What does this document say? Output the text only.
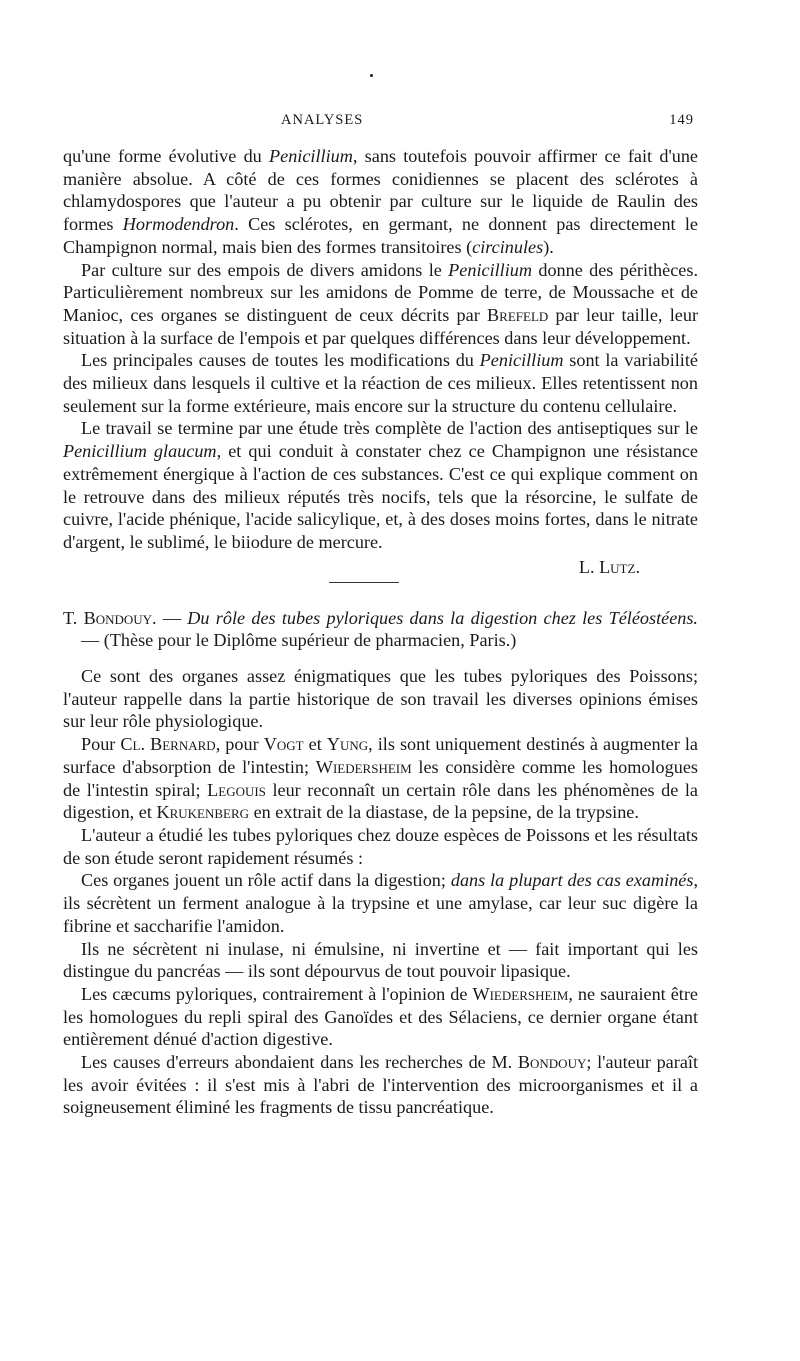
ANALYSES	149

qu'une forme évolutive du Penicillium, sans toutefois pouvoir affirmer ce fait d'une manière absolue. A côté de ces formes conidiennes se placent des sclérotes à chlamydospores que l'auteur a pu obtenir par culture sur le liquide de Raulin des formes Hormodendron. Ces sclérotes, en germant, ne donnent pas directement le Champignon normal, mais bien des formes transitoires (circinules).

Par culture sur des empois de divers amidons le Penicillium donne des périthèces. Particulièrement nombreux sur les amidons de Pomme de terre, de Moussache et de Manioc, ces organes se distinguent de ceux décrits par Brefeld par leur taille, leur situation à la surface de l'empois et par quelques différences dans leur développement.

Les principales causes de toutes les modifications du Penicillium sont la variabilité des milieux dans lesquels il cultive et la réaction de ces milieux. Elles retentissent non seulement sur la forme extérieure, mais encore sur la structure du contenu cellulaire.

Le travail se termine par une étude très complète de l'action des antiseptiques sur le Penicillium glaucum, et qui conduit à constater chez ce Champignon une résistance extrêmement énergique à l'action de ces substances. C'est ce qui explique comment on le retrouve dans des milieux réputés très nocifs, tels que la résorcine, le sulfate de cuivre, l'acide phénique, l'acide salicylique, et, à des doses moins fortes, dans le nitrate d'argent, le sublimé, le biiodure de mercure.

L. Lutz.

T. Bondouy. — Du rôle des tubes pyloriques dans la digestion chez les Téléostéens. — (Thèse pour le Diplôme supérieur de pharmacien, Paris.)

Ce sont des organes assez énigmatiques que les tubes pyloriques des Poissons; l'auteur rappelle dans la partie historique de son travail les diverses opinions émises sur leur rôle physiologique.

Pour Cl. Bernard, pour Vogt et Yung, ils sont uniquement destinés à augmenter la surface d'absorption de l'intestin; Wiedersheim les considère comme les homologues de l'intestin spiral; Legouis leur reconnaît un certain rôle dans les phénomènes de la digestion, et Krukenberg en extrait de la diastase, de la pepsine, de la trypsine.

L'auteur a étudié les tubes pyloriques chez douze espèces de Poissons et les résultats de son étude seront rapidement résumés :

Ces organes jouent un rôle actif dans la digestion; dans la plupart des cas examinés, ils sécrètent un ferment analogue à la trypsine et une amylase, car leur suc digère la fibrine et saccharifie l'amidon.

Ils ne sécrètent ni inulase, ni émulsine, ni invertine et — fait important qui les distingue du pancréas — ils sont dépourvus de tout pouvoir lipasique.

Les cæcums pyloriques, contrairement à l'opinion de Wiedersheim, ne sauraient être les homologues du repli spiral des Ganoïdes et des Sélaciens, ce dernier organe étant entièrement dénué d'action digestive.

Les causes d'erreurs abondaient dans les recherches de M. Bondouy; l'auteur paraît les avoir évitées : il s'est mis à l'abri de l'intervention des microorganismes et il a soigneusement éliminé les fragments de tissu pancréatique.
